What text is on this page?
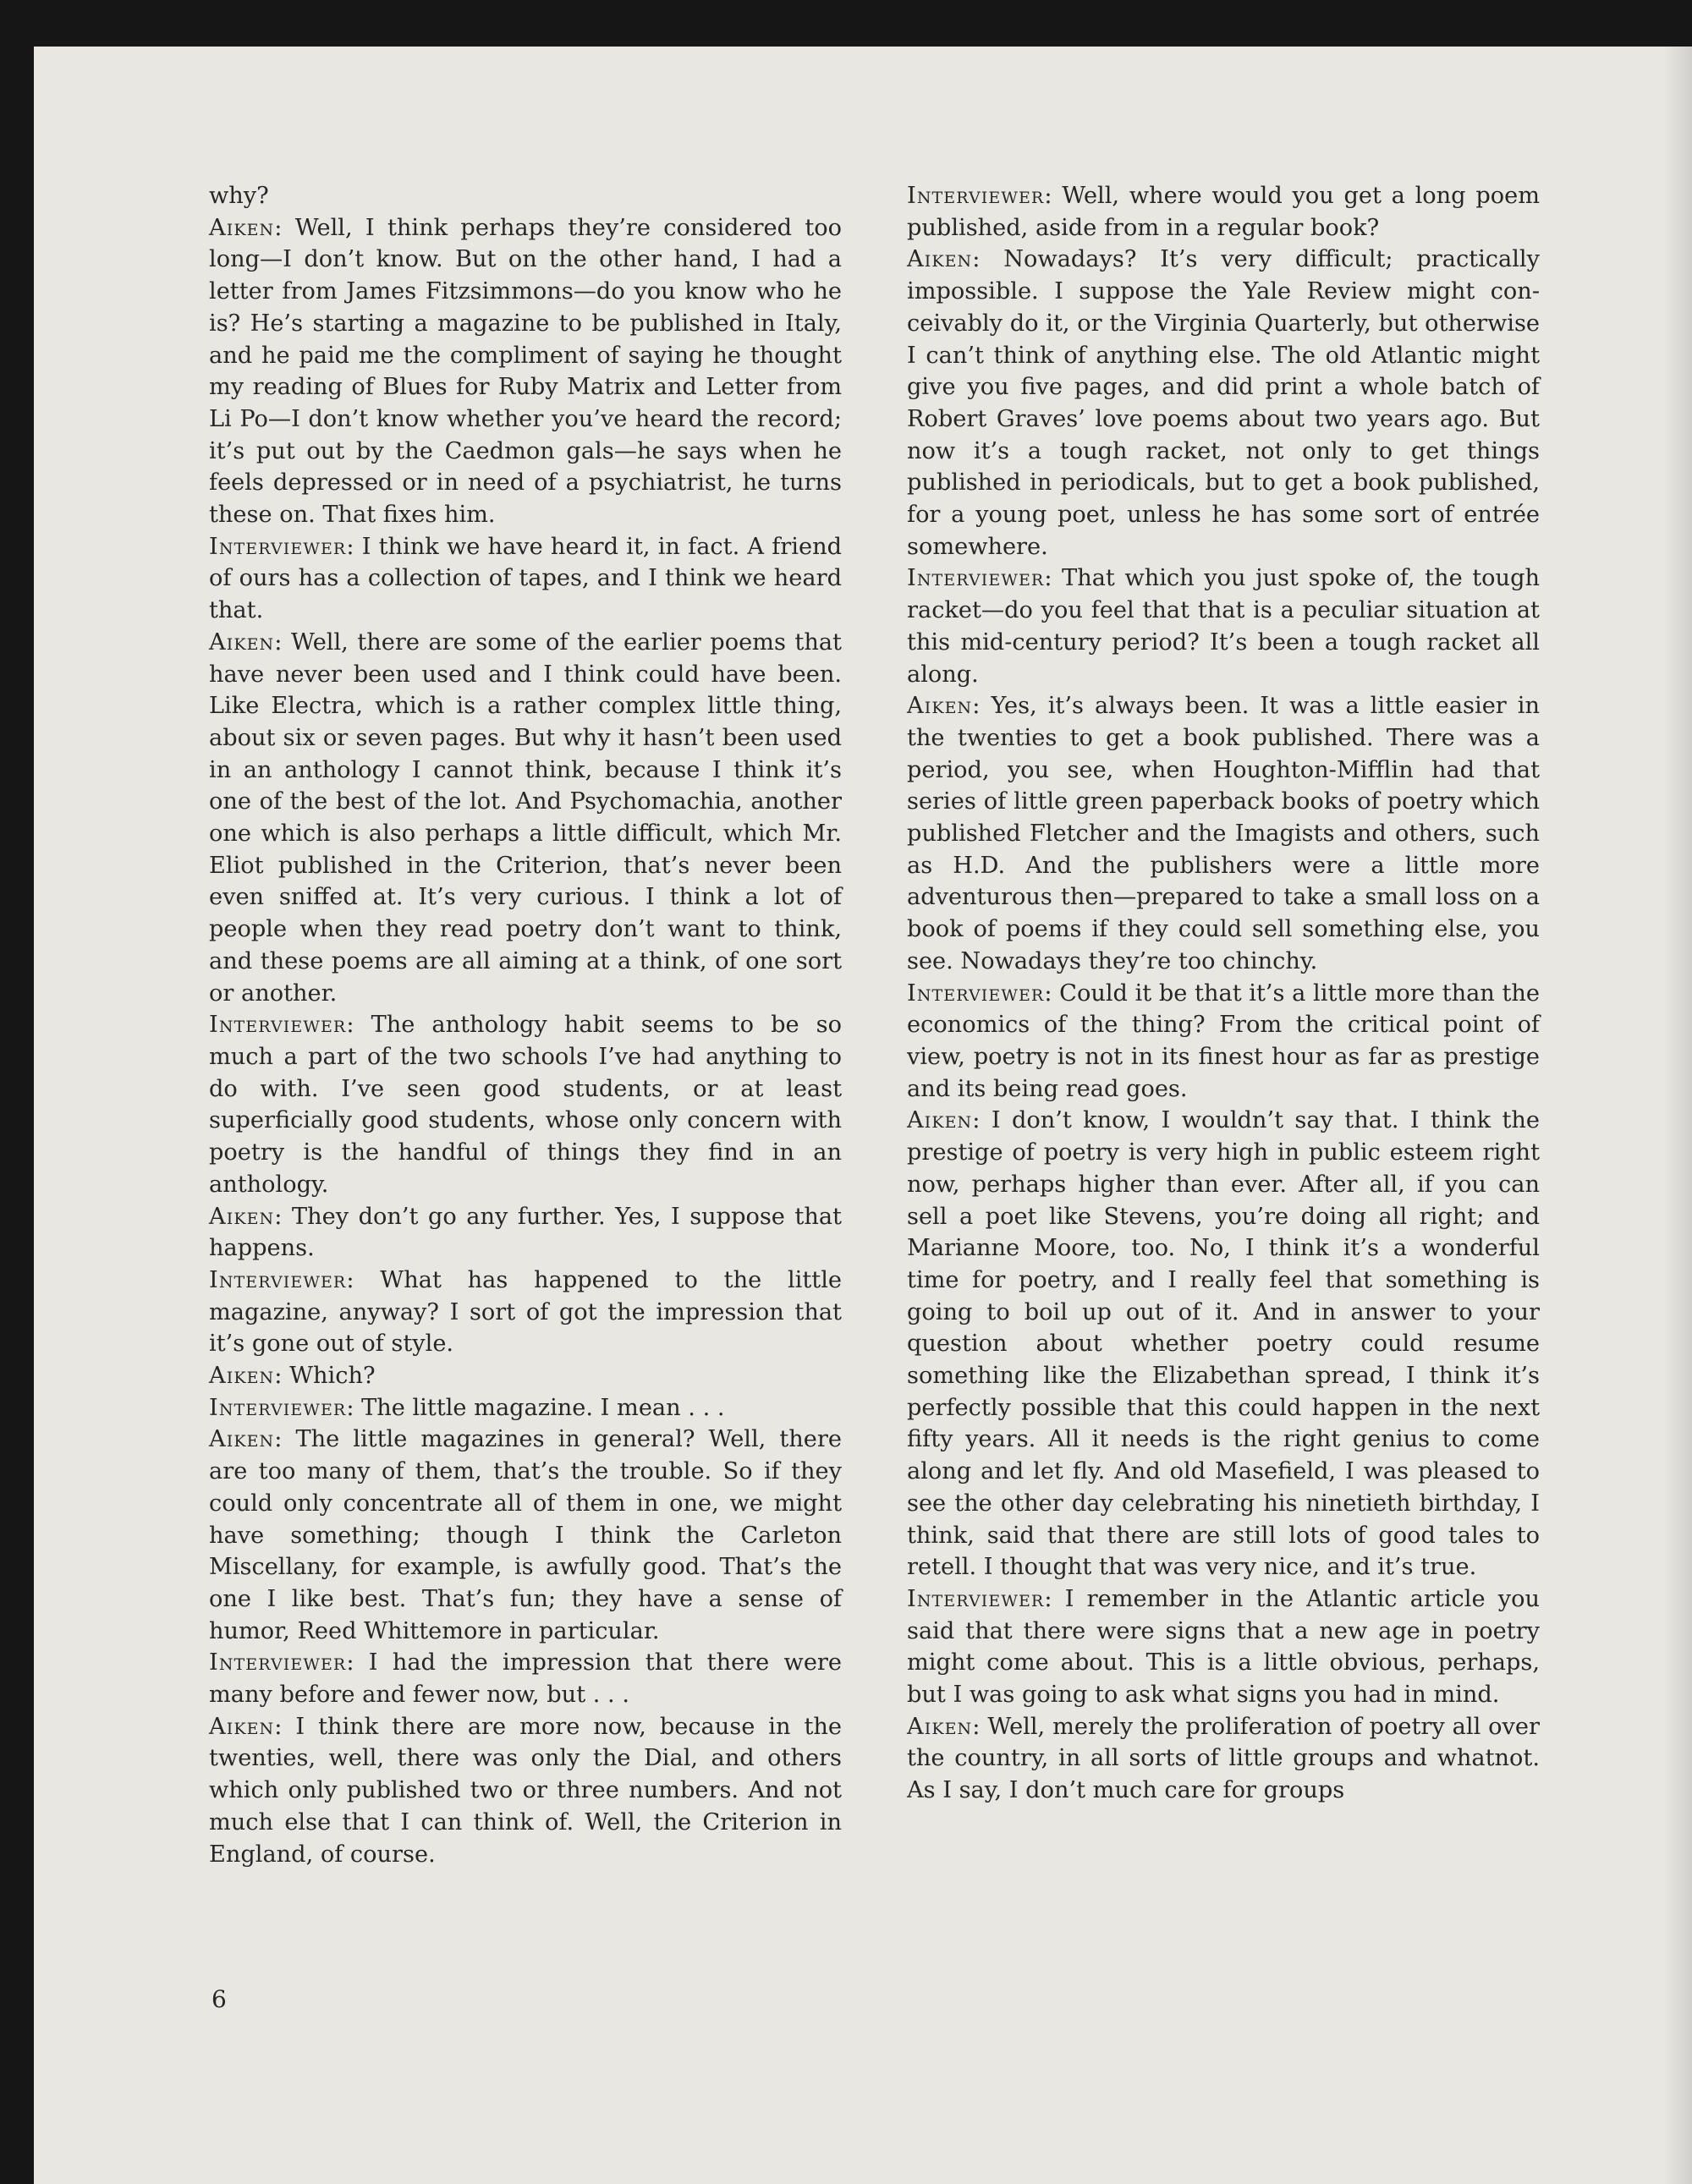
why?

Aiken: Well, I think perhaps they’re considered too long—I don’t know. But on the other hand, I had a letter from James Fitzsimmons—do you know who he is? He’s starting a magazine to be published in Italy, and he paid me the compliment of saying he thought my reading of Blues for Ruby Matrix and Letter from Li Po—I don’t know whether you’ve heard the record; it’s put out by the Caedmon gals—he says when he feels depressed or in need of a psychiatrist, he turns these on. That fixes him.

Interviewer: I think we have heard it, in fact. A friend of ours has a collection of tapes, and I think we heard that.

Aiken: Well, there are some of the earlier poems that have never been used and I think could have been. Like Electra, which is a rather complex little thing, about six or seven pages. But why it hasn’t been used in an anthology I cannot think, because I think it’s one of the best of the lot. And Psychomachia, another one which is also perhaps a little difficult, which Mr. Eliot published in the Criterion, that’s never been even sniffed at. It’s very curious. I think a lot of people when they read poetry don’t want to think, and these poems are all aiming at a think, of one sort or another.

Interviewer: The anthology habit seems to be so much a part of the two schools I’ve had anything to do with. I’ve seen good students, or at least superficially good students, whose only concern with poetry is the handful of things they find in an anthology.

Aiken: They don’t go any further. Yes, I suppose that happens.

Interviewer: What has happened to the little magazine, anyway? I sort of got the impression that it’s gone out of style.

Aiken: Which?

Interviewer: The little magazine. I mean . . .

Aiken: The little magazines in general? Well, there are too many of them, that’s the trouble. So if they could only concentrate all of them in one, we might have something; though I think the Carleton Miscellany, for example, is awfully good. That’s the one I like best. That’s fun; they have a sense of humor, Reed Whittemore in particular.

Interviewer: I had the impression that there were many before and fewer now, but . . .

Aiken: I think there are more now, because in the twenties, well, there was only the Dial, and others which only published two or three numbers. And not much else that I can think of. Well, the Criterion in England, of course.

Interviewer: Well, where would you get a long poem published, aside from in a regular book?

Aiken: Nowadays? It’s very difficult; practically impossible. I suppose the Yale Review might conceivably do it, or the Virginia Quarterly, but otherwise I can’t think of anything else. The old Atlantic might give you five pages, and did print a whole batch of Robert Graves’ love poems about two years ago. But now it’s a tough racket, not only to get things published in periodicals, but to get a book published, for a young poet, unless he has some sort of entrée somewhere.

Interviewer: That which you just spoke of, the tough racket—do you feel that that is a peculiar situation at this mid-century period? It’s been a tough racket all along.

Aiken: Yes, it’s always been. It was a little easier in the twenties to get a book published. There was a period, you see, when Houghton-Mifflin had that series of little green paperback books of poetry which published Fletcher and the Imagists and others, such as H.D. And the publishers were a little more adventurous then—prepared to take a small loss on a book of poems if they could sell something else, you see. Nowadays they’re too chinchy.

Interviewer: Could it be that it’s a little more than the economics of the thing? From the critical point of view, poetry is not in its finest hour as far as prestige and its being read goes.

Aiken: I don’t know, I wouldn’t say that. I think the prestige of poetry is very high in public esteem right now, perhaps higher than ever. After all, if you can sell a poet like Stevens, you’re doing all right; and Marianne Moore, too. No, I think it’s a wonderful time for poetry, and I really feel that something is going to boil up out of it. And in answer to your question about whether poetry could resume something like the Elizabethan spread, I think it’s perfectly possible that this could happen in the next fifty years. All it needs is the right genius to come along and let fly. And old Masefield, I was pleased to see the other day celebrating his ninetieth birthday, I think, said that there are still lots of good tales to retell. I thought that was very nice, and it’s true.

Interviewer: I remember in the Atlantic article you said that there were signs that a new age in poetry might come about. This is a little obvious, perhaps, but I was going to ask what signs you had in mind.

Aiken: Well, merely the proliferation of poetry all over the country, in all sorts of little groups and whatnot. As I say, I don’t much care for groups

6
